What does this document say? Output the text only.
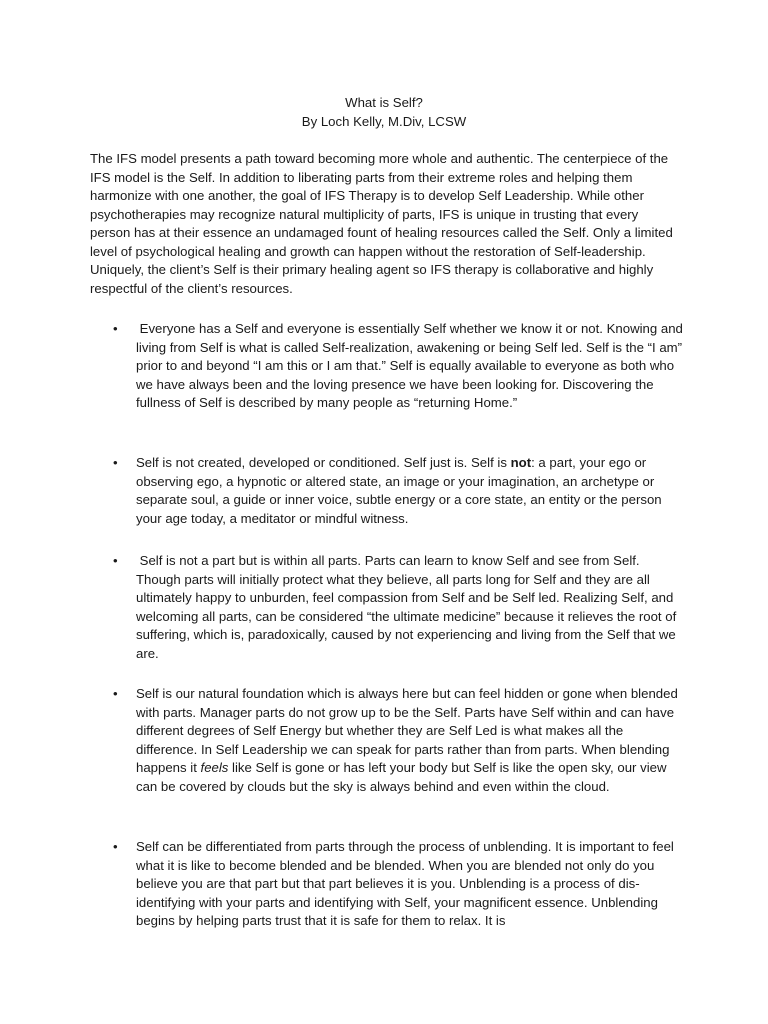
What is Self?
By Loch Kelly, M.Div, LCSW

The IFS model presents a path toward becoming more whole and authentic. The centerpiece of the IFS model is the Self. In addition to liberating parts from their extreme roles and helping them harmonize with one another, the goal of IFS Therapy is to develop Self Leadership. While other psychotherapies may recognize natural multiplicity of parts, IFS is unique in trusting that every person has at their essence an undamaged fount of healing resources called the Self. Only a limited level of psychological healing and growth can happen without the restoration of Self-leadership. Uniquely, the client’s Self is their primary healing agent so IFS therapy is collaborative and highly respectful of the client’s resources.

• Everyone has a Self and everyone is essentially Self whether we know it or not. Knowing and living from Self is what is called Self-realization, awakening or being Self led. Self is the “I am” prior to and beyond “I am this or I am that.” Self is equally available to everyone as both who we have always been and the loving presence we have been looking for. Discovering the fullness of Self is described by many people as “returning Home.”

• Self is not created, developed or conditioned. Self just is. Self is not: a part, your ego or observing ego, a hypnotic or altered state, an image or your imagination, an archetype or separate soul, a guide or inner voice, subtle energy or a core state, an entity or the person your age today, a meditator or mindful witness.

• Self is not a part but is within all parts. Parts can learn to know Self and see from Self. Though parts will initially protect what they believe, all parts long for Self and they are all ultimately happy to unburden, feel compassion from Self and be Self led. Realizing Self, and welcoming all parts, can be considered “the ultimate medicine” because it relieves the root of suffering, which is, paradoxically, caused by not experiencing and living from the Self that we are.

• Self is our natural foundation which is always here but can feel hidden or gone when blended with parts. Manager parts do not grow up to be the Self. Parts have Self within and can have different degrees of Self Energy but whether they are Self Led is what makes all the difference. In Self Leadership we can speak for parts rather than from parts. When blending happens it feels like Self is gone or has left your body but Self is like the open sky, our view can be covered by clouds but the sky is always behind and even within the cloud.

• Self can be differentiated from parts through the process of unblending. It is important to feel what it is like to become blended and be blended. When you are blended not only do you believe you are that part but that part believes it is you. Unblending is a process of dis-identifying with your parts and identifying with Self, your magnificent essence. Unblending begins by helping parts trust that it is safe for them to relax. It is
